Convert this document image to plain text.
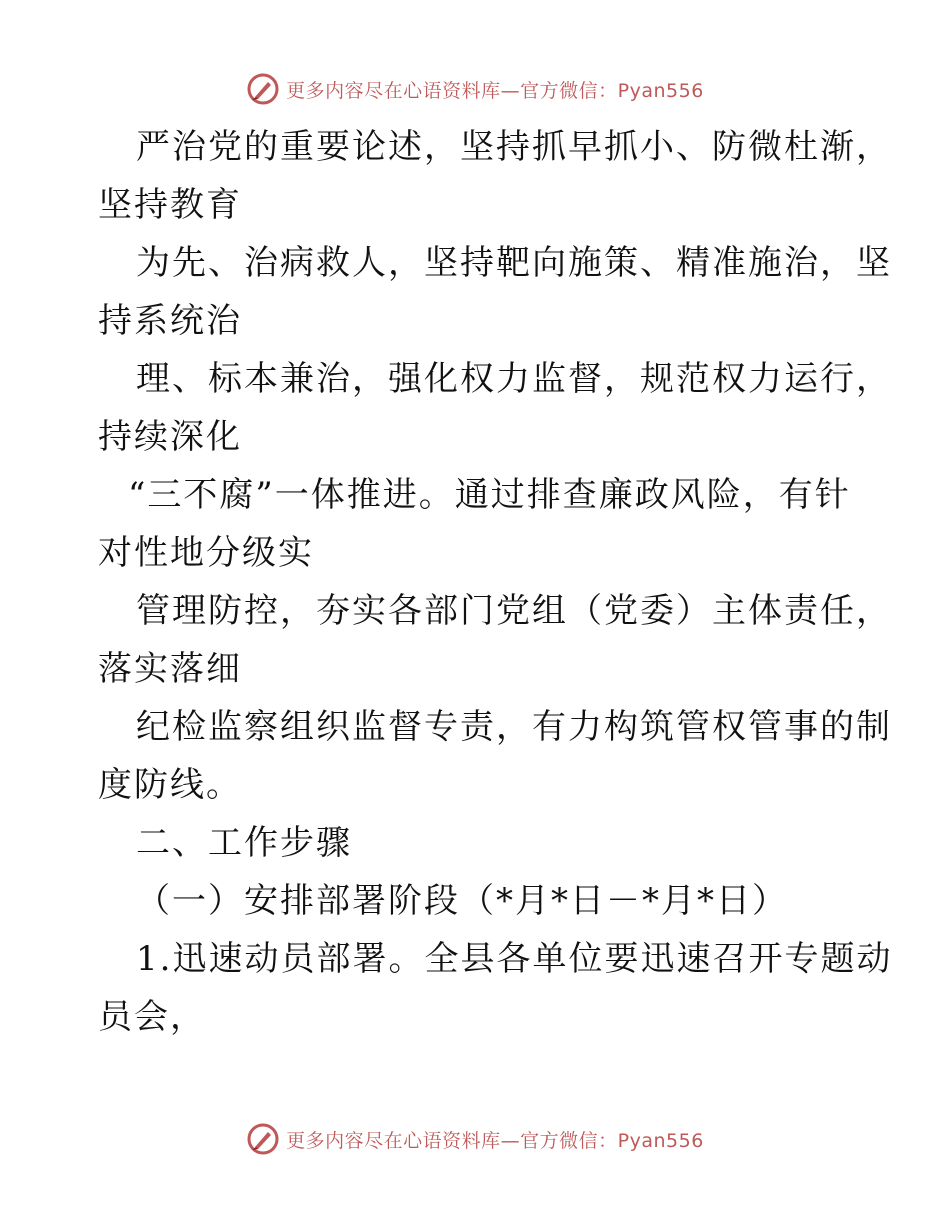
更多内容尽在心语资料库—官方微信：Pyan556
严治党的重要论述，坚持抓早抓小、防微杜渐，
坚持教育
为先、治病救人，坚持靶向施策、精准施治，坚
持系统治
理、标本兼治，强化权力监督，规范权力运行，
持续深化
“三不腐”一体推进。通过排查廉政风险，有针
对性地分级实
管理防控，夯实各部门党组（党委）主体责任，
落实落细
纪检监察组织监督专责，有力构筑管权管事的制
度防线。
二、工作步骤
（一）安排部署阶段（*月*日－*月*日）
1.迅速动员部署。全县各单位要迅速召开专题动
员会，
更多内容尽在心语资料库—官方微信：Pyan556
